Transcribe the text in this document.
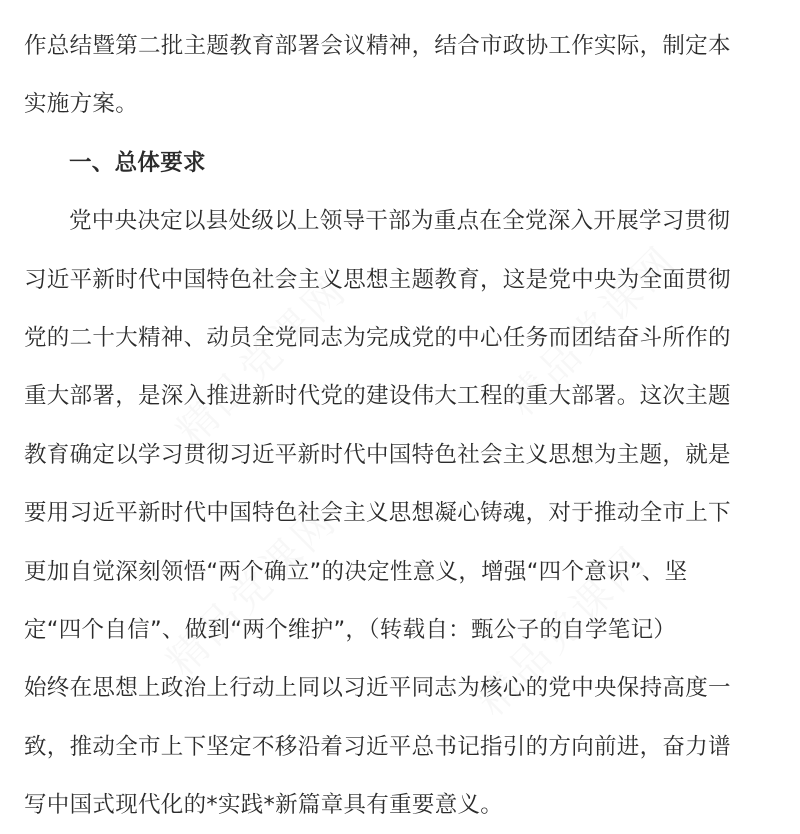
作总结暨第二批主题教育部署会议精神，结合市政协工作实际，制定本
实施方案。
一、总体要求
党中央决定以县处级以上领导干部为重点在全党深入开展学习贯彻
习近平新时代中国特色社会主义思想主题教育，这是党中央为全面贯彻
党的二十大精神、动员全党同志为完成党的中心任务而团结奋斗所作的
重大部署，是深入推进新时代党的建设伟大工程的重大部署。这次主题
教育确定以学习贯彻习近平新时代中国特色社会主义思想为主题，就是
要用习近平新时代中国特色社会主义思想凝心铸魂，对于推动全市上下
更加自觉深刻领悟“两个确立”的决定性意义，增强“四个意识”、坚
定“四个自信”、做到“两个维护”，（转载自：甄公子的自学笔记）
始终在思想上政治上行动上同以习近平同志为核心的党中央保持高度一
致，推动全市上下坚定不移沿着习近平总书记指引的方向前进，奋力谱
写中国式现代化的*实践*新篇章具有重要意义。
精品党课网	精品党课网
精品党课网	精品党课网
